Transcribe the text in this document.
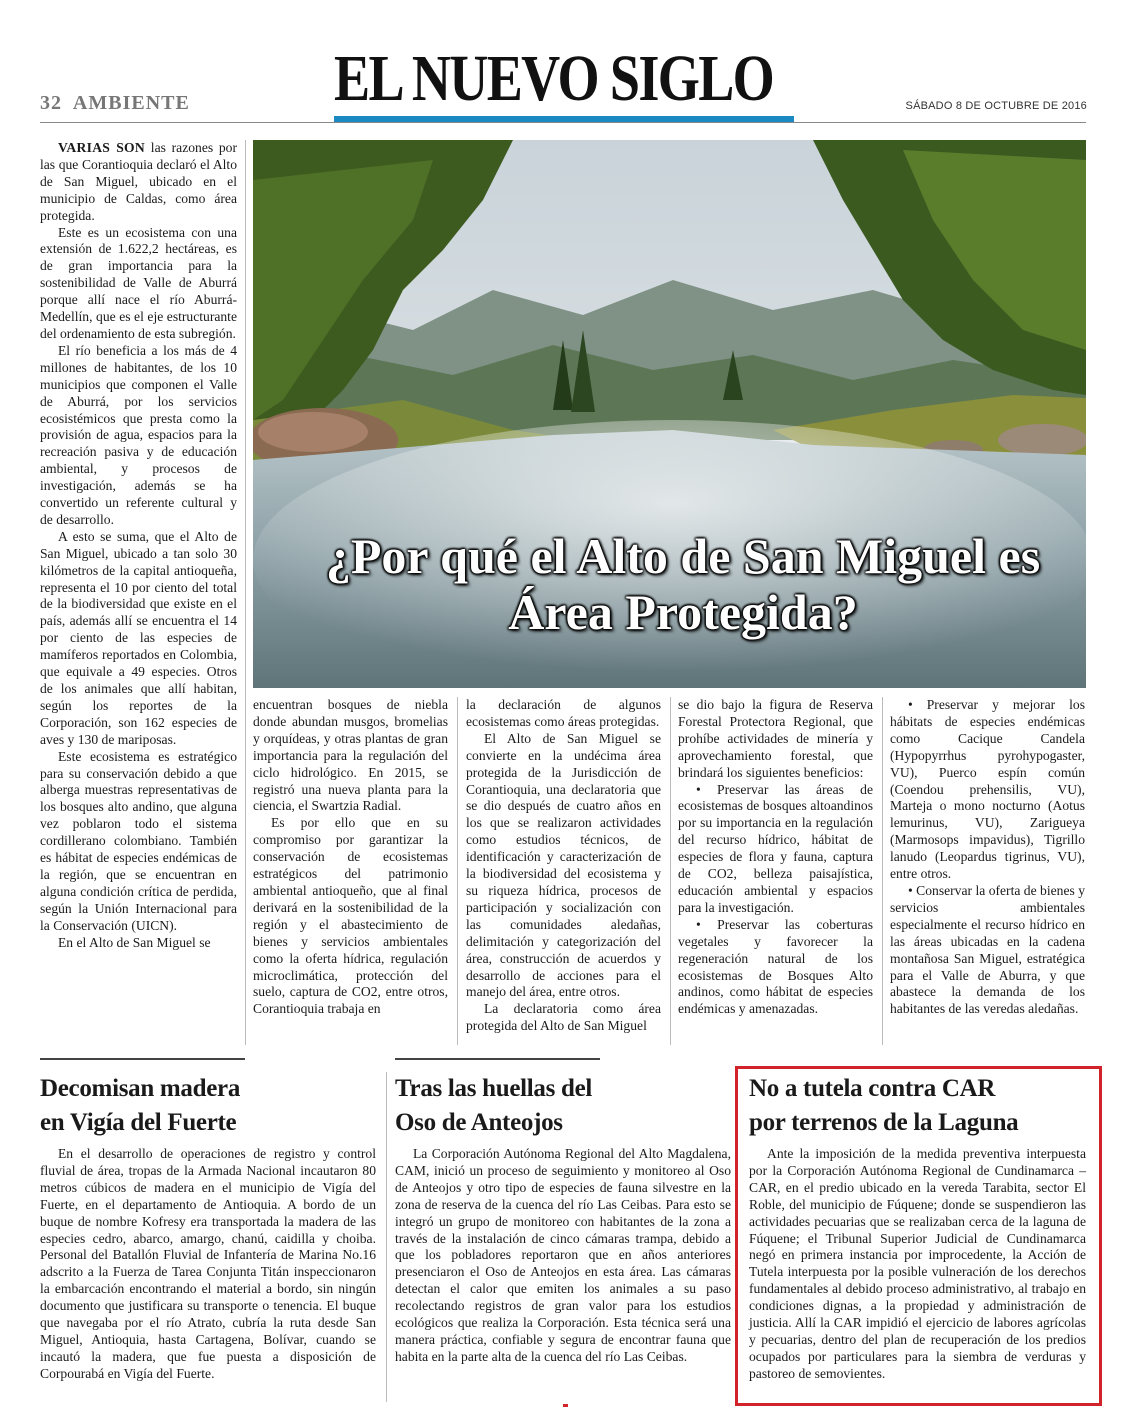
32 AMBIENTE EL NUEVO SIGLO	SÁBADO 8 DE OCTUBRE DE 2016

VARIAS SON las razones por las que Corantioquia declaró el Alto de San Miguel, ubicado en el municipio de Caldas, como área protegida.

Este es un ecosistema con una extensión de 1.622,2 hectáreas, es de gran importancia para la sostenibilidad de Valle de Aburrá porque allí nace el río Aburrá- Medellín, que es el eje estructurante del ordenamiento de esta subregión.

El río beneficia a los más de 4 millones de habitantes, de los 10 municipios que componen el Valle de Aburrá, por los servicios ecosistémicos que presta como la provisión de agua, espacios para la recreación pasiva y de educación ambiental, y procesos de investigación, además se ha convertido un referente cultural y de desarrollo.

A esto se suma, que el Alto de San Miguel, ubicado a tan solo 30 kilómetros de la capital antioqueña, representa el 10 por ciento del total de la biodiversidad que existe en el país, además allí se encuentra el 14 por ciento de las especies de mamíferos reportados en Colombia, que equivale a 49 especies. Otros de los animales que allí habitan, según los reportes de la Corporación, son 162 especies de aves y 130 de mariposas.

Este ecosistema es estratégico para su conservación debido a que alberga muestras representativas de los bosques alto andino, que alguna vez poblaron todo el sistema cordillerano colombiano. También es hábitat de especies endémicas de la región, que se encuentran en alguna condición crítica de perdida, según la Unión Internacional para la Conservación (UICN).

En el Alto de San Miguel se

¿Por qué el Alto de San Miguel es Área Protegida?

encuentran bosques de niebla donde abundan musgos, bromelias y orquídeas, y otras plantas de gran importancia para la regulación del ciclo hidrológico. En 2015, se registró una nueva planta para la ciencia, el Swartzia Radial.

Es por ello que en su compromiso por garantizar la conservación de ecosistemas estratégicos del patrimonio ambiental antioqueño, que al final derivará en la sostenibilidad de la región y el abastecimiento de bienes y servicios ambientales como la oferta hídrica, regulación microclimática, protección del suelo, captura de CO2, entre otros, Corantioquia trabaja en

la declaración de algunos ecosistemas como áreas protegidas.

El Alto de San Miguel se convierte en la undécima área protegida de la Jurisdicción de Corantioquia, una declaratoria que se dio después de cuatro años en los que se realizaron actividades como estudios técnicos, de identificación y caracterización de la biodiversidad del ecosistema y su riqueza hídrica, procesos de participación y socialización con las comunidades aledañas, delimitación y categorización del área, construcción de acuerdos y desarrollo de acciones para el manejo del área, entre otros.

La declaratoria como área protegida del Alto de San Miguel

se dio bajo la figura de Reserva Forestal Protectora Regional, que prohíbe actividades de minería y aprovechamiento forestal, que brindará los siguientes beneficios:

• Preservar las áreas de ecosistemas de bosques altoandinos por su importancia en la regulación del recurso hídrico, hábitat de especies de flora y fauna, captura de CO2, belleza paisajística, educación ambiental y espacios para la investigación.

• Preservar las coberturas vegetales y favorecer la regeneración natural de los ecosistemas de Bosques Alto andinos, como hábitat de especies endémicas y amenazadas.

• Preservar y mejorar los hábitats de especies endémicas como Cacique Candela (Hypopyrrhus pyrohypogaster, VU), Puerco espín común (Coendou prehensilis, VU), Marteja o mono nocturno (Aotus lemurinus, VU), Zarigueya (Marmosops impavidus), Tigrillo lanudo (Leopardus tigrinus, VU), entre otros.

• Conservar la oferta de bienes y servicios ambientales especialmente el recurso hídrico en las áreas ubicadas en la cadena montañosa San Miguel, estratégica para el Valle de Aburra, y que abastece la demanda de los habitantes de las veredas aledañas.

Decomisan madera
en Vigía del Fuerte

En el desarrollo de operaciones de registro y control fluvial de área, tropas de la Armada Nacional incautaron 80 metros cúbicos de madera en el municipio de Vigía del Fuerte, en el departamento de Antioquia. A bordo de un buque de nombre Kofresy era transportada la madera de las especies cedro, abarco, amargo, chanú, caidilla y choiba. Personal del Batallón Fluvial de Infantería de Marina No.16 adscrito a la Fuerza de Tarea Conjunta Titán inspeccionaron la embarcación encontrando el material a bordo, sin ningún documento que justificara su transporte o tenencia. El buque que navegaba por el río Atrato, cubría la ruta desde San Miguel, Antioquia, hasta Cartagena, Bolívar, cuando se incautó la madera, que fue puesta a disposición de Corpourabá en Vigía del Fuerte.

Tras las huellas del
Oso de Anteojos

La Corporación Autónoma Regional del Alto Magdalena, CAM, inició un proceso de seguimiento y monitoreo al Oso de Anteojos y otro tipo de especies de fauna silvestre en la zona de reserva de la cuenca del río Las Ceibas. Para esto se integró un grupo de monitoreo con habitantes de la zona a través de la instalación de cinco cámaras trampa, debido a que los pobladores reportaron que en años anteriores presenciaron el Oso de Anteojos en esta área. Las cámaras detectan el calor que emiten los animales a su paso recolectando registros de gran valor para los estudios ecológicos que realiza la Corporación. Esta técnica será una manera práctica, confiable y segura de encontrar fauna que habita en la parte alta de la cuenca del río Las Ceibas.

No a tutela contra CAR
por terrenos de la Laguna

Ante la imposición de la medida preventiva interpuesta por la Corporación Autónoma Regional de Cundinamarca – CAR, en el predio ubicado en la vereda Tarabita, sector El Roble, del municipio de Fúquene; donde se suspendieron las actividades pecuarias que se realizaban cerca de la laguna de Fúquene; el Tribunal Superior Judicial de Cundinamarca negó en primera instancia por improcedente, la Acción de Tutela interpuesta por la posible vulneración de los derechos fundamentales al debido proceso administrativo, al trabajo en condiciones dignas, a la propiedad y administración de justicia. Allí la CAR impidió el ejercicio de labores agrícolas y pecuarias, dentro del plan de recuperación de los predios ocupados por particulares para la siembra de verduras y pastoreo de semovientes.
